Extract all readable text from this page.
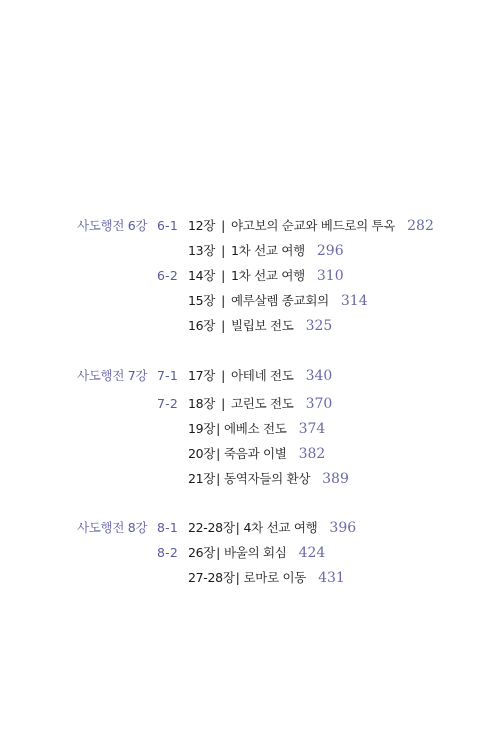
사도행전 6강 6-1 12장 | 야고보의 순교와 베드로의 투옥 282
13장 | 1차 선교 여행 296
6-2 14장 | 1차 선교 여행 310
15장 | 예루살렘 종교회의 314
16장 | 빌립보 전도 325
사도행전 7강 7-1 17장 | 아테네 전도 340
7-2 18장 | 고린도 전도 370
19장| 에베소 전도 374
20장| 죽음과 이별 382
21장| 동역자들의 환상 389
사도행전 8강 8-1 22-28장| 4차 선교 여행 396
8-2 26장| 바울의 회심 424
27-28장| 로마로 이동 431
